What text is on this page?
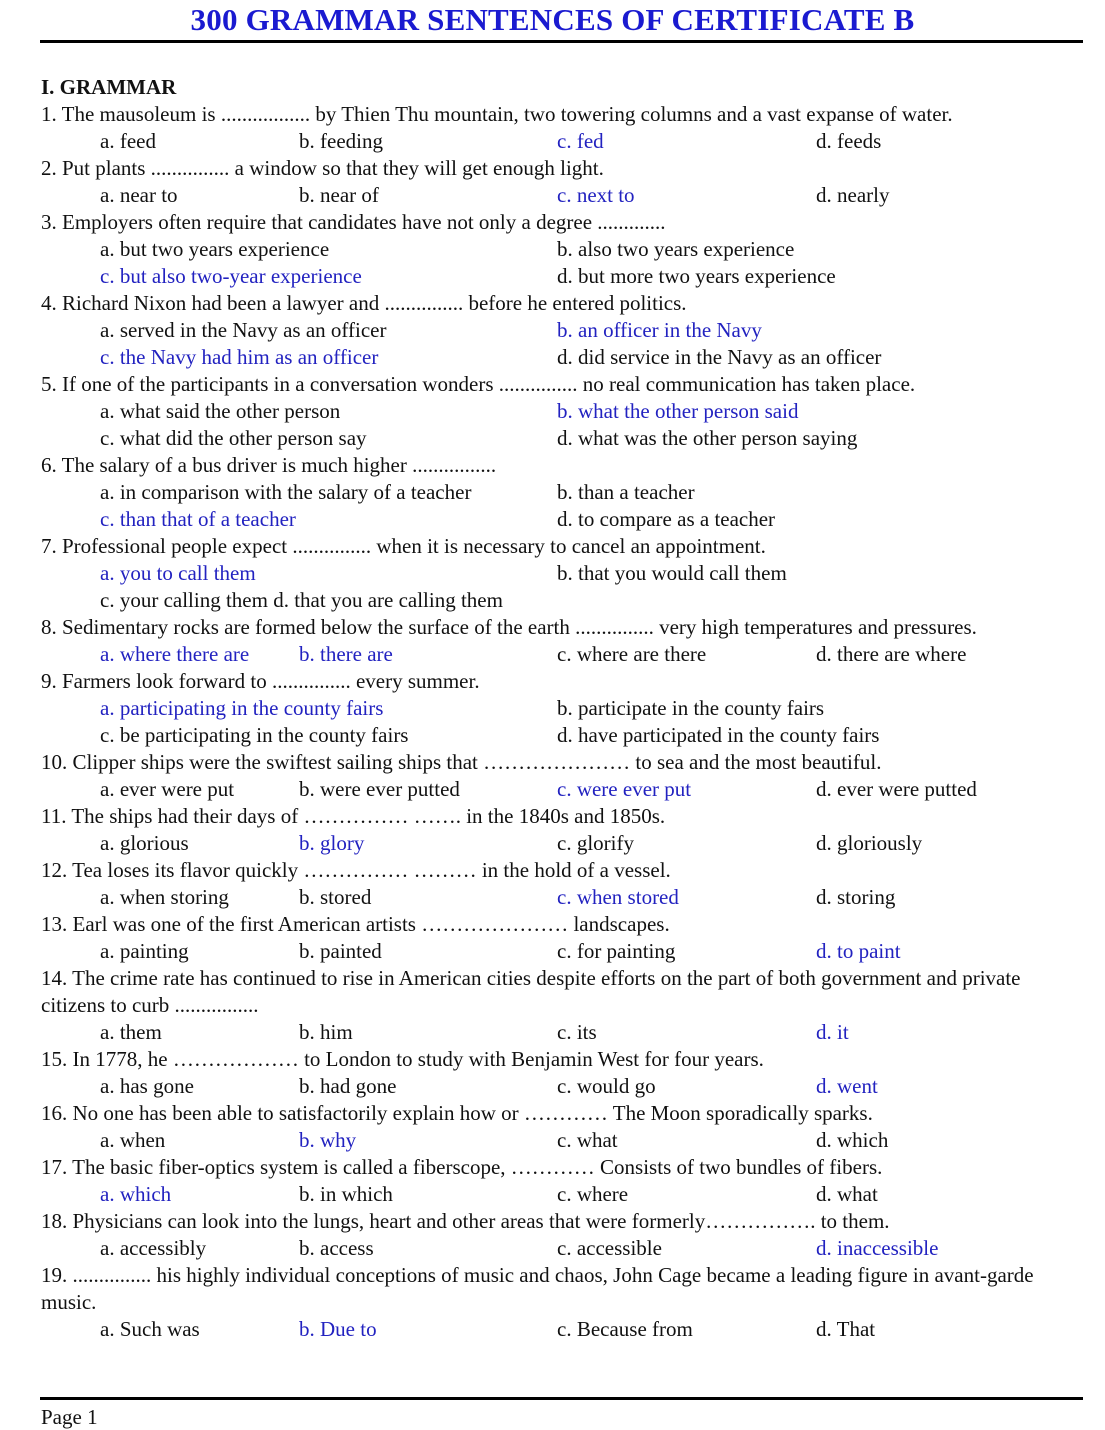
300 GRAMMAR SENTENCES OF CERTIFICATE B
I. GRAMMAR
1. The mausoleum is ................. by Thien Thu mountain, two towering columns and a vast expanse of water.
a. feed	b. feeding	c. fed	d. feeds
2. Put plants ............... a window so that they will get enough light.
a. near to	b. near of	c. next to	d. nearly
3. Employers often require that candidates have not only a degree .............
a. but two years experience	b. also two years experience
c. but also two-year experience	d. but more two years experience
4. Richard Nixon had been a lawyer and ............... before he entered politics.
a. served in the Navy as an officer	b. an officer in the Navy
c. the Navy had him as an officer	d. did service in the Navy as an officer
5. If one of the participants in a conversation wonders ............... no real communication has taken place.
a. what said the other person	b. what the other person said
c. what did the other person say	d. what was the other person saying
6. The salary of a bus driver is much higher ................
a. in comparison with the salary of a teacher	b. than a teacher
c. than that of a teacher	d. to compare as a teacher
7. Professional people expect ............... when it is necessary to cancel an appointment.
a. you to call them	b. that you would call them
c. your calling them d. that you are calling them
8. Sedimentary rocks are formed below the surface of the earth ............... very high temperatures and pressures.
a. where there are b. there are	c. where are there	d. there are where
9. Farmers look forward to ............... every summer.
a. participating in the county fairs	b. participate in the county fairs
c. be participating in the county fairs	d. have participated in the county fairs
10. Clipper ships were the swiftest sailing ships that ………………… to sea and the most beautiful.
a. ever were put	b. were ever putted	c. were ever put	d. ever were putted
11. The ships had their days of …………… ……. in the 1840s and 1850s.
a. glorious	b. glory	c. glorify	d. gloriously
12. Tea loses its flavor quickly …………… ……… in the hold of a vessel.
a. when storing	b. stored	c. when stored	d. storing
13. Earl was one of the first American artists ………………… landscapes.
a. painting	b. painted	c. for painting	d. to paint
14. The crime rate has continued to rise in American cities despite efforts on the part of both government and private citizens to curb ................
a. them	b. him	c. its	d. it
15. In 1778, he ……………… to London to study with Benjamin West for four years.
a. has gone	b. had gone	c. would go	d. went
16. No one has been able to satisfactorily explain how or ………… The Moon sporadically sparks.
a. when	b. why	c. what	d. which
17. The basic fiber-optics system is called a fiberscope, ………… Consists of two bundles of fibers.
a. which	b. in which	c. where	d. what
18. Physicians can look into the lungs, heart and other areas that were formerly……………. to them.
a. accessibly	b. access	c. accessible	d. inaccessible
19. ............... his highly individual conceptions of music and chaos, John Cage became a leading figure in avant-garde music.
a. Such was	b. Due to	c. Because from	d. That
Page 1
